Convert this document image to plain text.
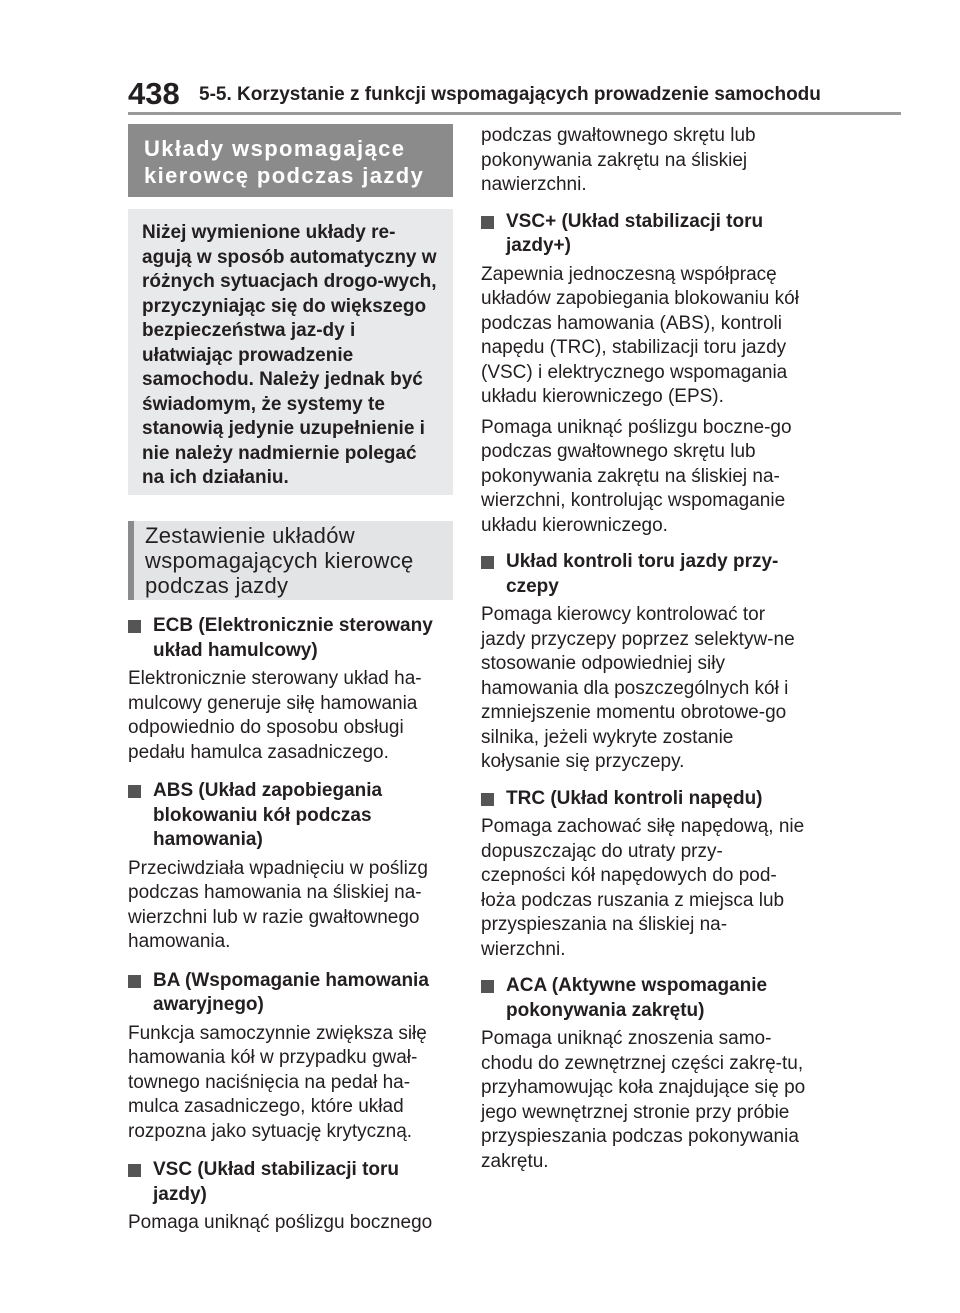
438 5-5. Korzystanie z funkcji wspomagających prowadzenie samochodu
Układy wspomagające kierowcę podczas jazdy

Niżej wymienione układy re-agują w sposób automatyczny w różnych sytuacjach drogo-wych, przyczyniając się do większego bezpieczeństwa jaz-dy i ułatwiając prowadzenie samochodu. Należy jednak być świadomym, że systemy te stanowią jedynie uzupełnienie i nie należy nadmiernie polegać na ich działaniu.

Zestawienie układów wspomagających kierowcę podczas jazdy
ECB (Elektronicznie sterowany układ hamulcowy)

Elektronicznie sterowany układ ha-mulcowy generuje siłę hamowania odpowiednio do sposobu obsługi pedału hamulca zasadniczego.

ABS (Układ zapobiegania blokowaniu kół podczas hamowania)

Przeciwdziała wpadnięciu w poślizg podczas hamowania na śliskiej na-wierzchni lub w razie gwałtownego hamowania.

BA (Wspomaganie hamowania awaryjnego)

Funkcja samoczynnie zwiększa siłę hamowania kół w przypadku gwał-townego naciśnięcia na pedał ha-mulca zasadniczego, które układ rozpozna jako sytuację krytyczną.

VSC (Układ stabilizacji toru jazdy)

Pomaga uniknąć poślizgu bocznego

podczas gwałtownego skrętu lub pokonywania zakrętu na śliskiej nawierzchni.

VSC+ (Układ stabilizacji toru jazdy+)

Zapewnia jednoczesną współpracę układów zapobiegania blokowaniu kół podczas hamowania (ABS), kontroli napędu (TRC), stabilizacji toru jazdy (VSC) i elektrycznego wspomagania układu kierowniczego (EPS).

Pomaga uniknąć poślizgu boczne-go podczas gwałtownego skrętu lub pokonywania zakrętu na śliskiej na-wierzchni, kontrolując wspomaganie układu kierowniczego.

Układ kontroli toru jazdy przy-czepy

Pomaga kierowcy kontrolować tor jazdy przyczepy poprzez selektyw-ne stosowanie odpowiedniej siły hamowania dla poszczególnych kół i zmniejszenie momentu obrotowe-go silnika, jeżeli wykryte zostanie kołysanie się przyczepy.

TRC (Układ kontroli napędu)

Pomaga zachować siłę napędową, nie dopuszczając do utraty przy-czepności kół napędowych do pod-łoża podczas ruszania z miejsca lub przyspieszania na śliskiej na-wierzchni.

ACA (Aktywne wspomaganie pokonywania zakrętu)

Pomaga uniknąć znoszenia samo-chodu do zewnętrznej części zakrę-tu, przyhamowując koła znajdujące się po jego wewnętrznej stronie przy próbie przyspieszania podczas pokonywania zakrętu.
